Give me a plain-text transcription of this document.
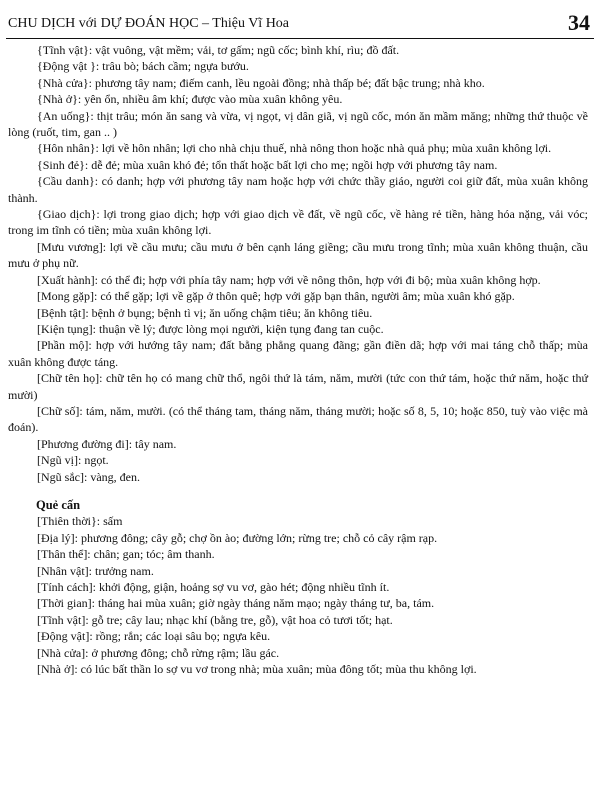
CHU DỊCH với DỰ ĐOÁN HỌC – Thiệu Vĩ Hoa	34

{Tĩnh vật}: vật vuông, vật mềm; vải, tơ gấm; ngũ cốc; bình khí, rìu; đồ đất.

{Động vật }: trâu bò; bách cầm; ngựa bướu.

{Nhà cửa}: phương tây nam; điếm canh, lều ngoài đồng; nhà thấp bé; đất bậc trung; nhà kho.

{Nhà ở}: yên ổn, nhiều âm khí; được vào mùa xuân không yêu.

{An uống}: thịt trâu; món ăn sang và vừa, vị ngọt, vị dân giã, vị ngũ cốc, món ăn mầm măng; những thứ thuộc về lòng (ruốt, tim, gan .. )

{Hôn nhân}: lợi về hôn nhân; lợi cho nhà chịu thuế, nhà nông thon hoặc nhà quả phụ; mùa xuân không lợi.

{Sinh đẻ}: dễ đẻ; mùa xuân khó đẻ; tổn thất hoặc bất lợi cho mẹ; ngồi hợp với phương tây nam.

{Cầu danh}: có danh; hợp với phương tây nam hoặc hợp với chức thầy giáo, người coi giữ đất, mùa xuân không thành.

{Giao dịch}: lợi trong giao dịch; hợp với giao dịch về đất, về ngũ cốc, về hàng rẻ tiền, hàng hóa nặng, vải vóc; trong im tĩnh có tiền; mùa xuân không lợi.

[Mưu vương]: lợi về cầu mưu; cầu mưu ở bên cạnh láng giềng; cầu mưu trong tĩnh; mùa xuân không thuận, cầu mưu ở phụ nữ.

[Xuất hành]: có thể đi; hợp với phía tây nam; hợp với về nông thôn, hợp với đi bộ; mùa xuân không hợp.

[Mong gặp]: có thể gặp; lợi về gặp ở thôn quê; hợp với gặp bạn thân, người âm; mùa xuân khó gặp.

[Bệnh tật]: bệnh ở bụng; bệnh tì vị; ăn uống chậm tiêu; ăn không tiêu.

[Kiện tụng]: thuận về lý; được lòng mọi người, kiện tụng đang tan cuộc.

[Phần mộ]: hợp với hướng tây nam; đất bằng phẳng quang đãng; gần điền dã; hợp với mai táng chỗ thấp; mùa xuân không được táng.

[Chữ tên họ]: chữ tên họ có mang chữ thổ, ngôi thứ là tám, năm, mười (tức con thứ tám, hoặc thứ năm, hoặc thứ mười)

[Chữ số]: tám, năm, mười. (có thể tháng tam, tháng năm, tháng mười; hoặc số 8, 5, 10; hoặc 850, tuỳ vào việc mà đoán).

[Phương đường đi]: tây nam.

[Ngũ vị]: ngọt.

[Ngũ sắc]: vàng, đen.

Quẻ cấn

[Thiên thời}: sấm

[Địa lý]: phương đông; cây gỗ; chợ ồn ào; đường lớn; rừng tre; chỗ cỏ cây rậm rạp.

[Thân thể]: chân; gan; tóc; âm thanh.

[Nhân vật]: trưởng nam.

[Tính cách]: khởi động, giận, hoảng sợ vu vơ, gào hét; động nhiều tĩnh ít.

[Thời gian]: tháng hai mùa xuân; giờ ngày tháng năm mạo; ngày tháng tư, ba, tám.

[Tĩnh vật]: gỗ tre; cây lau; nhạc khí (bằng tre, gỗ), vật hoa cỏ tươi tốt; hạt.

[Động vật]: rồng; rắn; các loại sâu bọ; ngựa kêu.

[Nhà cửa]: ở phương đông; chỗ rừng rậm; lầu gác.

[Nhà ở]: có lúc bất thần lo sợ vu vơ trong nhà; mùa xuân; mùa đông tốt; mùa thu không lợi.
